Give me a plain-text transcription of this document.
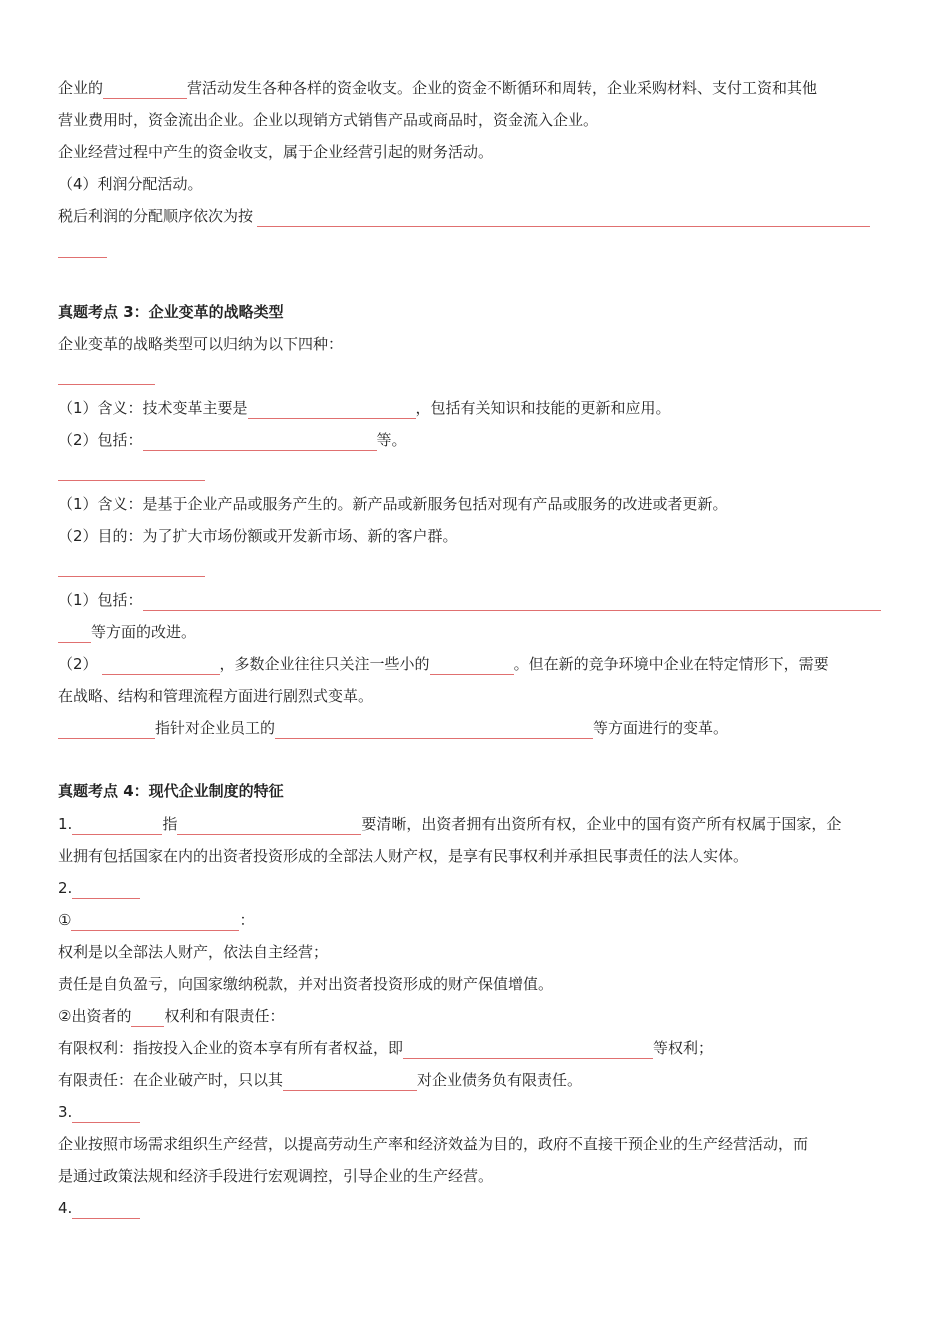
企业的	营活动发生各种各样的资金收支。企业的资金不断循环和周转，企业采购材料、支付工资和其他
营业费用时，资金流出企业。企业以现销方式销售产品或商品时，资金流入企业。
企业经营过程中产生的资金收支，属于企业经营引起的财务活动。
（4）利润分配活动。
税后利润的分配顺序依次为按
真题考点 3：企业变革的战略类型
企业变革的战略类型可以归纳为以下四种：
（1）含义：技术变革主要是	，包括有关知识和技能的更新和应用。
（2）包括：	等。
（1）含义：是基于企业产品或服务产生的。新产品或新服务包括对现有产品或服务的改进或者更新。
（2）目的：为了扩大市场份额或开发新市场、新的客户群。
（1）包括：
等方面的改进。
（2）	，多数企业往往只关注一些小的	。但在新的竞争环境中企业在特定情形下，需要
在战略、结构和管理流程方面进行剧烈式变革。
指针对企业员工的	等方面进行的变革。
真题考点 4：现代企业制度的特征
1.	指	要清晰，出资者拥有出资所有权，企业中的国有资产所有权属于国家，企
业拥有包括国家在内的出资者投资形成的全部法人财产权，是享有民事权利并承担民事责任的法人实体。
2.
①	：
权利是以全部法人财产，依法自主经营；
责任是自负盈亏，向国家缴纳税款，并对出资者投资形成的财产保值增值。
②出资者的 权利和有限责任：
有限权利：指按投入企业的资本享有所有者权益，即	等权利；
有限责任：在企业破产时，只以其	对企业债务负有限责任。
3.
企业按照市场需求组织生产经营，以提高劳动生产率和经济效益为目的，政府不直接干预企业的生产经营活动，而
是通过政策法规和经济手段进行宏观调控，引导企业的生产经营。
4.
